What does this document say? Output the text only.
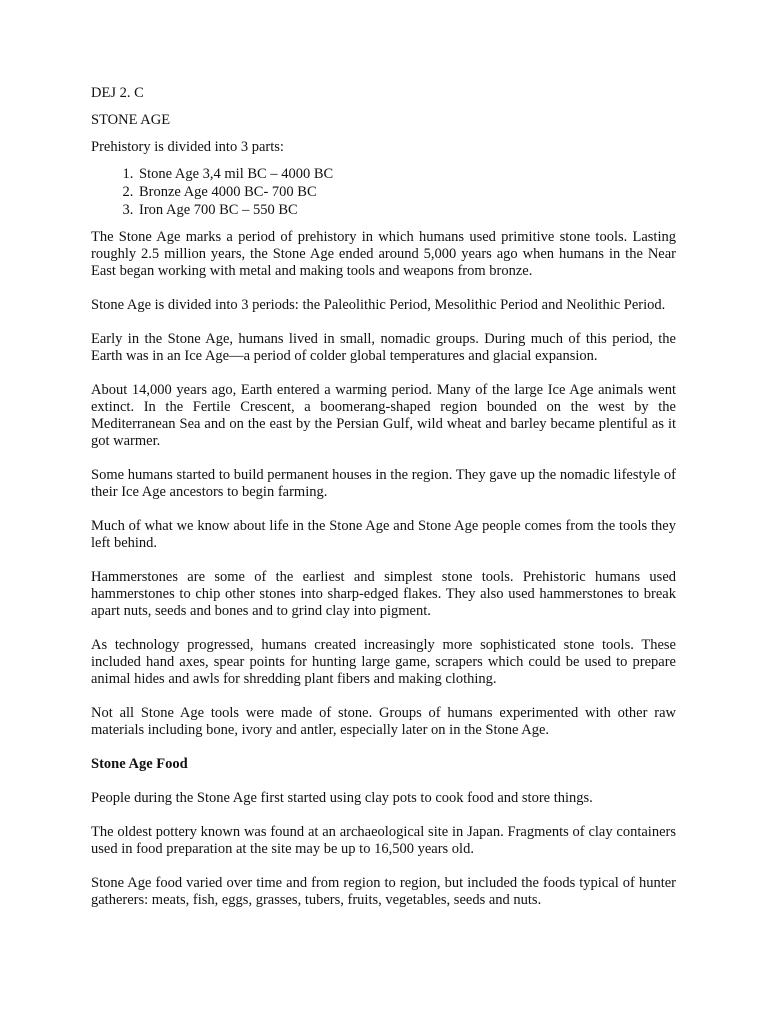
DEJ 2. C

STONE AGE

Prehistory is divided into 3 parts:

1. Stone Age 3,4 mil BC – 4000 BC
2. Bronze Age 4000 BC- 700 BC
3. Iron Age 700 BC – 550 BC

The Stone Age marks a period of prehistory in which humans used primitive stone tools. Lasting roughly 2.5 million years, the Stone Age ended around 5,000 years ago when humans in the Near East began working with metal and making tools and weapons from bronze.

Stone Age is divided into 3 periods: the Paleolithic Period, Mesolithic Period and Neolithic Period.

Early in the Stone Age, humans lived in small, nomadic groups. During much of this period, the Earth was in an Ice Age—a period of colder global temperatures and glacial expansion.

About 14,000 years ago, Earth entered a warming period. Many of the large Ice Age animals went extinct. In the Fertile Crescent, a boomerang-shaped region bounded on the west by the Mediterranean Sea and on the east by the Persian Gulf, wild wheat and barley became plentiful as it got warmer.

Some humans started to build permanent houses in the region. They gave up the nomadic lifestyle of their Ice Age ancestors to begin farming.

Much of what we know about life in the Stone Age and Stone Age people comes from the tools they left behind.

Hammerstones are some of the earliest and simplest stone tools. Prehistoric humans used hammerstones to chip other stones into sharp-edged flakes. They also used hammerstones to break apart nuts, seeds and bones and to grind clay into pigment.

As technology progressed, humans created increasingly more sophisticated stone tools. These included hand axes, spear points for hunting large game, scrapers which could be used to prepare animal hides and awls for shredding plant fibers and making clothing.

Not all Stone Age tools were made of stone. Groups of humans experimented with other raw materials including bone, ivory and antler, especially later on in the Stone Age.

Stone Age Food

People during the Stone Age first started using clay pots to cook food and store things.

The oldest pottery known was found at an archaeological site in Japan. Fragments of clay containers used in food preparation at the site may be up to 16,500 years old.

Stone Age food varied over time and from region to region, but included the foods typical of hunter gatherers: meats, fish, eggs, grasses, tubers, fruits, vegetables, seeds and nuts.
